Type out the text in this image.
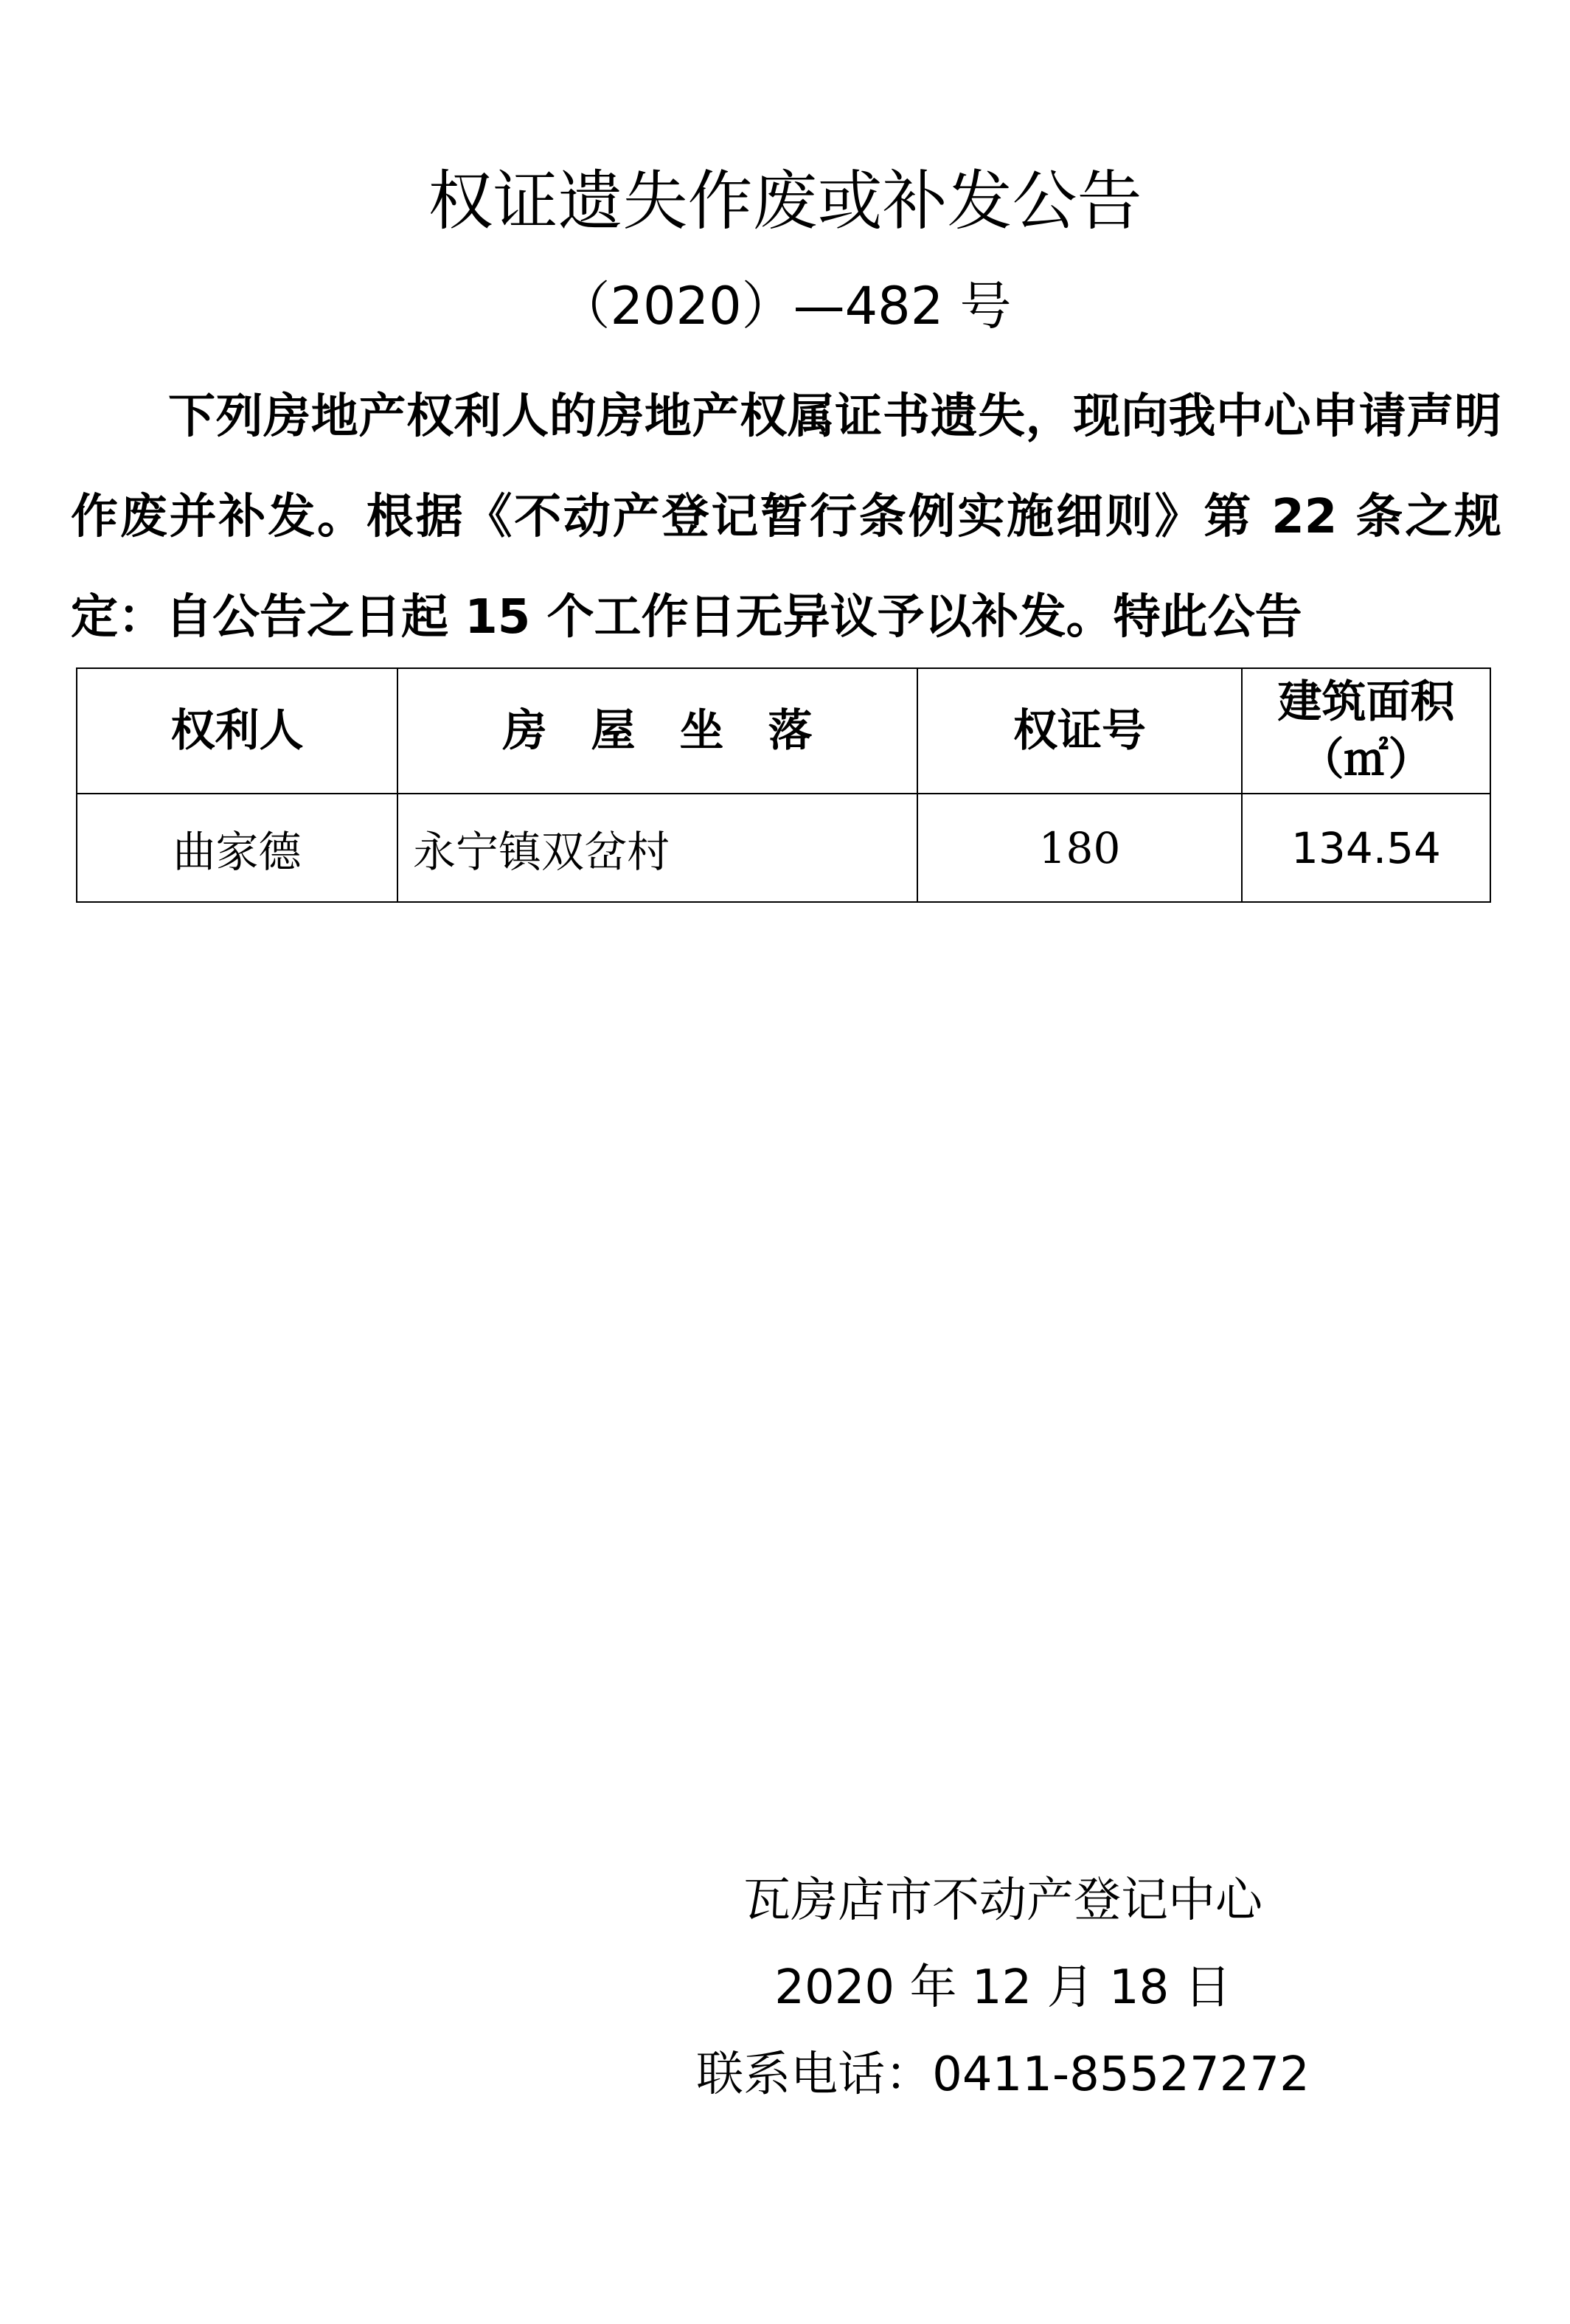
权证遗失作废或补发公告
（2020）—482 号

下列房地产权利人的房地产权属证书遗失，现向我中心申请声明作废并补发。根据《不动产登记暂行条例实施细则》第 22 条之规定：自公告之日起 15 个工作日无异议予以补发。特此公告

权利人	房　屋　坐　落	权证号	建筑面积
（㎡）

曲家德	永宁镇双岔村	180	134.54
瓦房店市不动产登记中心
2020 年 12 月 18 日
联系电话：0411-85527272
